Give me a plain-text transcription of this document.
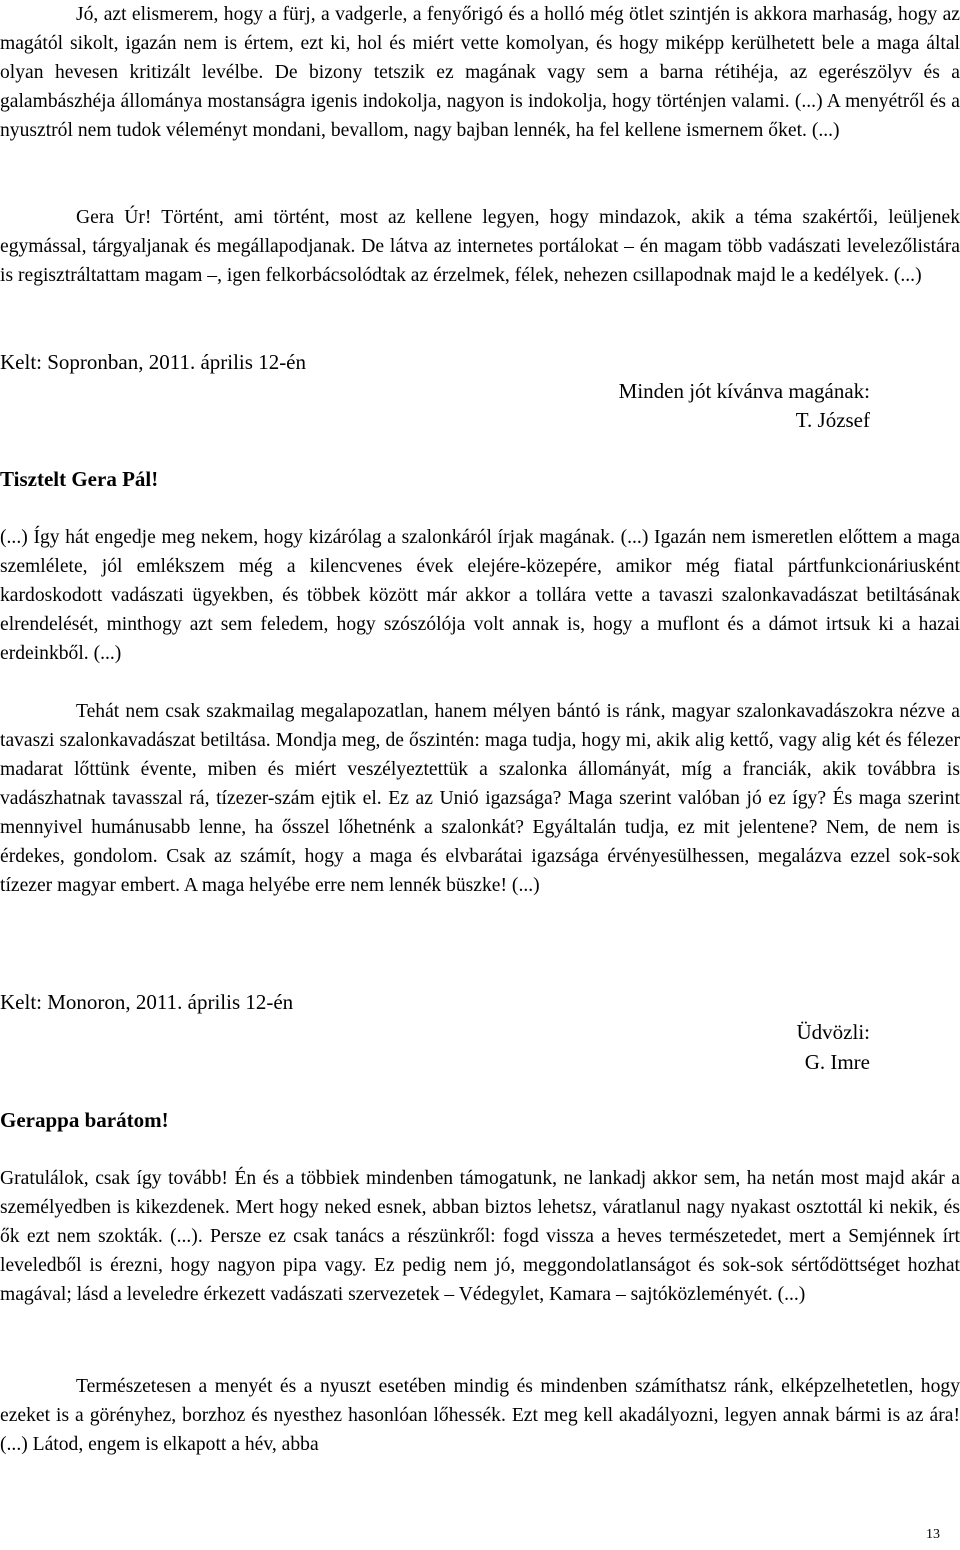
Jó, azt elismerem, hogy a fürj, a vadgerle, a fenyőrigó és a holló még ötlet szintjén is akkora marhaság, hogy az magától sikolt, igazán nem is értem, ezt ki, hol és miért vette komolyan, és hogy miképp kerülhetett bele a maga által olyan hevesen kritizált levélbe. De bizony tetszik ez magának vagy sem a barna rétihéja, az egerészölyv és a galambászhéja állománya mostanságra igenis indokolja, nagyon is indokolja, hogy történjen valami. (...) A menyétről és a nyusztról nem tudok véleményt mondani, bevallom, nagy bajban lennék, ha fel kellene ismernem őket. (...)

Gera Úr! Történt, ami történt, most az kellene legyen, hogy mindazok, akik a téma szakértői, leüljenek egymással, tárgyaljanak és megállapodjanak. De látva az internetes portálokat – én magam több vadászati levelezőlistára is regisztráltattam magam –, igen felkorbácsolódtak az érzelmek, félek, nehezen csillapodnak majd le a kedélyek. (...)

Kelt: Sopronban, 2011. április 12-én

Minden jót kívánva magának:

T. József

Tisztelt Gera Pál!

(...) Így hát engedje meg nekem, hogy kizárólag a szalonkáról írjak magának. (...) Igazán nem ismeretlen előttem a maga szemlélete, jól emlékszem még a kilencvenes évek elejére-közepére, amikor még fiatal pártfunkcionáriusként kardoskodott vadászati ügyekben, és többek között már akkor a tollára vette a tavaszi szalonkavadászat betiltásának elrendelését, minthogy azt sem feledem, hogy szószólója volt annak is, hogy a muflont és a dámot irtsuk ki a hazai erdeinkből. (...)

Tehát nem csak szakmailag megalapozatlan, hanem mélyen bántó is ránk, magyar szalonkavadászokra nézve a tavaszi szalonkavadászat betiltása. Mondja meg, de őszintén: maga tudja, hogy mi, akik alig kettő, vagy alig két és félezer madarat lőttünk évente, miben és miért veszélyeztettük a szalonka állományát, míg a franciák, akik továbbra is vadászhatnak tavasszal rá, tízezer-szám ejtik el. Ez az Unió igazsága? Maga szerint valóban jó ez így? És maga szerint mennyivel humánusabb lenne, ha ősszel lőhetnénk a szalonkát? Egyáltalán tudja, ez mit jelentene? Nem, de nem is érdekes, gondolom. Csak az számít, hogy a maga és elvbarátai igazsága érvényesülhessen, megalázva ezzel sok-sok tízezer magyar embert. A maga helyébe erre nem lennék büszke! (...)

Kelt: Monoron, 2011. április 12-én

Üdvözli:

G. Imre

Gerappa barátom!

Gratulálok, csak így tovább! Én és a többiek mindenben támogatunk, ne lankadj akkor sem, ha netán most majd akár a személyedben is kikezdenek. Mert hogy neked esnek, abban biztos lehetsz, váratlanul nagy nyakast osztottál ki nekik, és ők ezt nem szokták. (...). Persze ez csak tanács a részünkről: fogd vissza a heves természetedet, mert a Semjénnek írt leveledből is érezni, hogy nagyon pipa vagy. Ez pedig nem jó, meggondolatlanságot és sok-sok sértődöttséget hozhat magával; lásd a leveledre érkezett vadászati szervezetek – Védegylet, Kamara – sajtóközleményét. (...)

Természetesen a menyét és a nyuszt esetében mindig és mindenben számíthatsz ránk, elképzelhetetlen, hogy ezeket is a görényhez, borzhoz és nyesthez hasonlóan lőhessék. Ezt meg kell akadályozni, legyen annak bármi is az ára! (...) Látod, engem is elkapott a hév, abba

13
